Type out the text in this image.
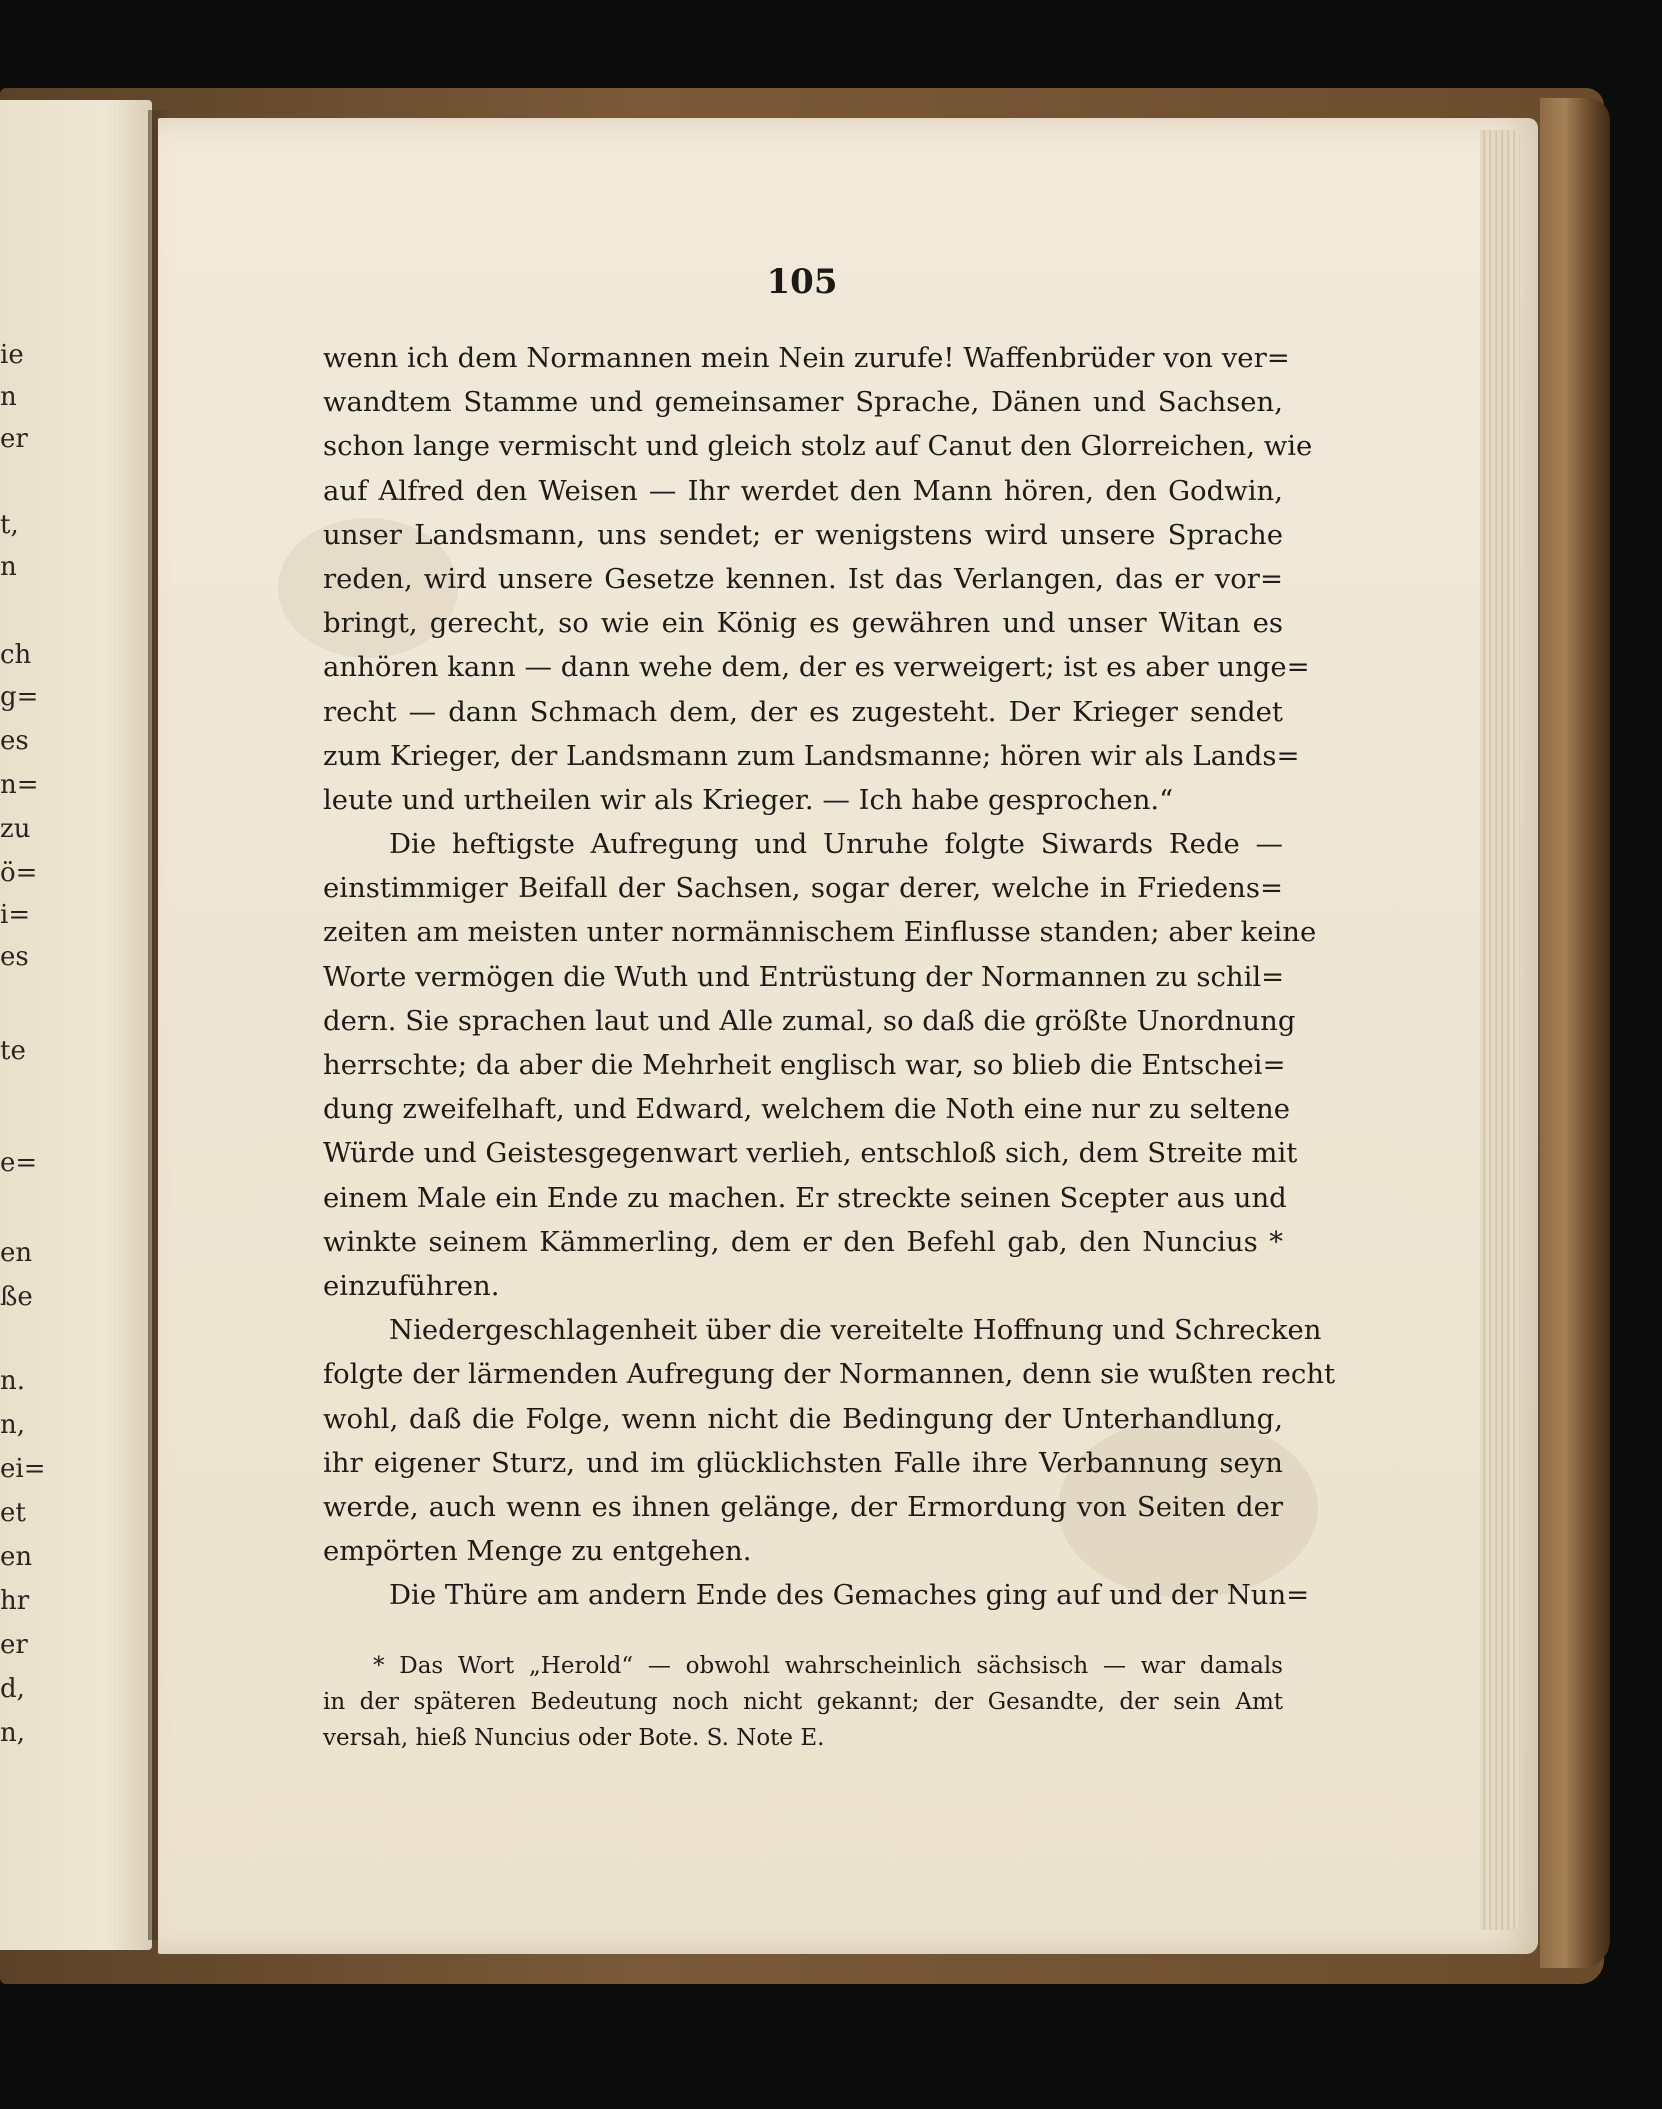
ie
n
er
t,
n
ch
g=
es
n=
zu
ö=
i=
es
te
e=
en
ße
n.
n,
ei=
et
en
hr
er
d,
n,
105
wenn ich dem Normannen mein Nein zurufe! Waffenbrüder von ver=
wandtem Stamme und gemeinsamer Sprache, Dänen und Sachsen,
schon lange vermischt und gleich stolz auf Canut den Glorreichen, wie
auf Alfred den Weisen — Ihr werdet den Mann hören, den Godwin,
unser Landsmann, uns sendet; er wenigstens wird unsere Sprache
reden, wird unsere Gesetze kennen. Ist das Verlangen, das er vor=
bringt, gerecht, so wie ein König es gewähren und unser Witan es
anhören kann — dann wehe dem, der es verweigert; ist es aber unge=
recht — dann Schmach dem, der es zugesteht. Der Krieger sendet
zum Krieger, der Landsmann zum Landsmanne; hören wir als Lands=
leute und urtheilen wir als Krieger. — Ich habe gesprochen.“
Die heftigste Aufregung und Unruhe folgte Siwards Rede —
einstimmiger Beifall der Sachsen, sogar derer, welche in Friedens=
zeiten am meisten unter normännischem Einflusse standen; aber keine
Worte vermögen die Wuth und Entrüstung der Normannen zu schil=
dern. Sie sprachen laut und Alle zumal, so daß die größte Unordnung
herrschte; da aber die Mehrheit englisch war, so blieb die Entschei=
dung zweifelhaft, und Edward, welchem die Noth eine nur zu seltene
Würde und Geistesgegenwart verlieh, entschloß sich, dem Streite mit
einem Male ein Ende zu machen. Er streckte seinen Scepter aus und
winkte seinem Kämmerling, dem er den Befehl gab, den Nuncius *
einzuführen.
Niedergeschlagenheit über die vereitelte Hoffnung und Schrecken
folgte der lärmenden Aufregung der Normannen, denn sie wußten recht
wohl, daß die Folge, wenn nicht die Bedingung der Unterhandlung,
ihr eigener Sturz, und im glücklichsten Falle ihre Verbannung seyn
werde, auch wenn es ihnen gelänge, der Ermordung von Seiten der
empörten Menge zu entgehen.
Die Thüre am andern Ende des Gemaches ging auf und der Nun=
* Das Wort „Herold“ — obwohl wahrscheinlich sächsisch — war damals
in der späteren Bedeutung noch nicht gekannt; der Gesandte, der sein Amt
versah, hieß Nuncius oder Bote. S. Note E.
